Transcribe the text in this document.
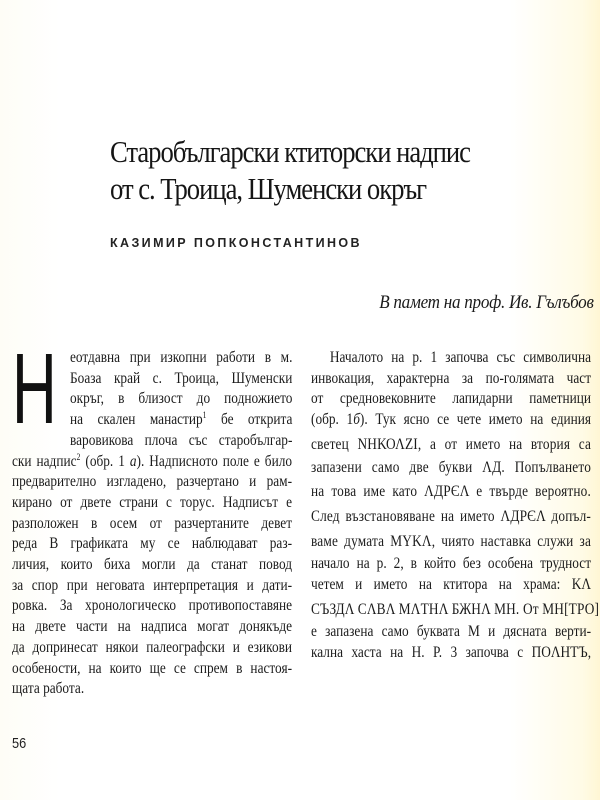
Старобългарски ктиторски надпис
от с. Троица, Шуменски окръг
КАЗИМИР ПОПКОНСТАНТИНОВ
В памет на проф. Ив. Гълъбов
Н еотдавна при изкопни работи в м.
Боаза край с. Троица, Шуменски
окръг, в близост до подножието
на скален манастир$^1$ бе открита
варовикова плоча със старобългар-
ски надпис$^2$ (обр. 1 а). Надписното поле е било
предварително изгладено, разчертано и рам-
кирано от двете страни с торус. Надписът е
разположен в осем от разчертаните девет
реда В графиката му се наблюдават раз-
личия, които биха могли да станат повод
за спор при неговата интерпретация и дати-
ровка. За хронологическо противопоставяне
на двете части на надписа могат донякъде
да допринесат някои палеографски и езикови
особености, на които ще се спрем в настоя-
щата работа.
Началото на р. 1 започва със символична
инвокация, характерна за по-голямата част
от средновековните лапидарни паметници
(обр. 1б). Тук ясно се чете името на единия
светец ΝΗΚΟΛΖΙ, а от името на втория са
запазени само две букви ΛД. Попълването
на това име като ΛДΡЄΛ е твърде вероятно.
След възстановяване на името ΛДΡЄΛ допъл-
ваме думата ΜΥΚΛ, чиято наставка служи за
начало на р. 2, в който без особена трудност
четем и името на ктитора на храма: ΚΛ
СЪЗДΛ СΛВΛ ΜΛТНΛ БЖНΛ ΜΗ. От ΜΗ[ТРО]
е запазена само буквата Μ и дясната верти-
кална хаста на Н. Р. 3 започва с ПОΛНТЪ,
56
